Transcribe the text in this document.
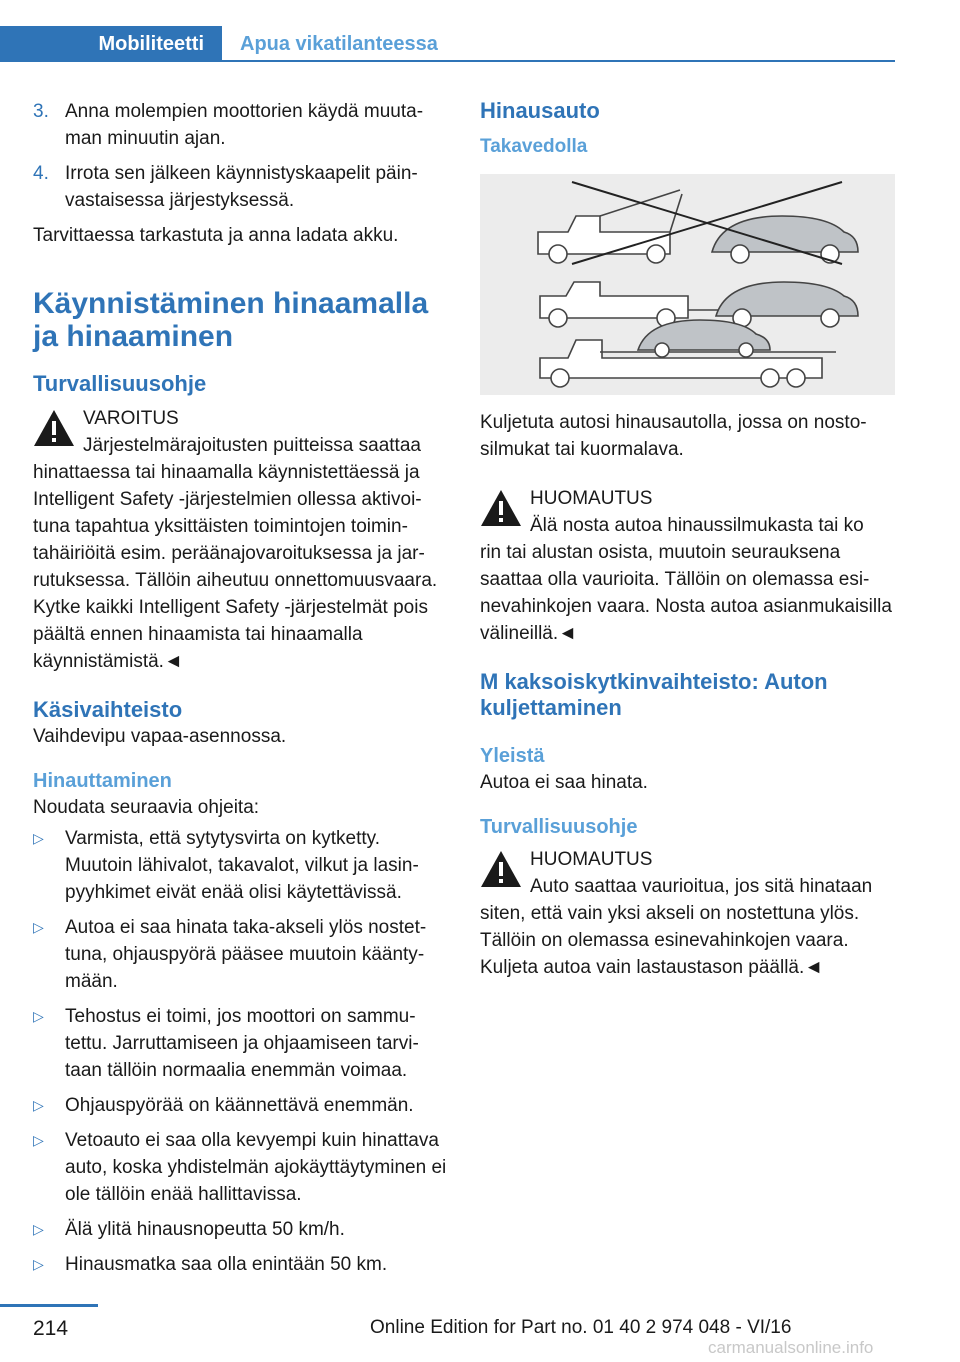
Mobiliteetti	Apua vikatilanteessa

3. Anna molempien moottorien käydä muutaman minuutin ajan.

4. Irrota sen jälkeen käynnistyskaapelit päinvastaisessa järjestyksessä.

Tarvittaessa tarkastuta ja anna ladata akku.

Käynnistäminen hinaamalla ja hinaaminen

Turvallisuusohje

VAROITUS

Järjestelmärajoitusten puitteissa saattaa

hinattaessa tai hinaamalla käynnistettäessä ja Intelligent Safety ‑järjestelmien ollessa aktivoituna tapahtua yksittäisten toimintojen toimintahäiriöitä esim. peräänajovaroituksessa ja jarrutuksessa. Tällöin aiheutuu onnettomuusvaara. Kytke kaikki Intelligent Safety ‑järjestelmät pois päältä ennen hinaamista tai hinaamalla käynnistämistä.◄

Käsivaihteisto

Vaihdevipu vapaa-asennossa.

Hinauttaminen

Noudata seuraavia ohjeita:

▷ Varmista, että sytytysvirta on kytketty. Muutoin lähivalot, takavalot, vilkut ja lasinpyyhkimet eivät enää olisi käytettävissä.

▷ Autoa ei saa hinata taka-akseli ylös nostettuna, ohjauspyörä pääsee muutoin kääntymään.

▷ Tehostus ei toimi, jos moottori on sammutettu. Jarruttamiseen ja ohjaamiseen tarvitaan tällöin normaalia enemmän voimaa.

▷ Ohjauspyörää on käännettävä enemmän.

▷ Vetoauto ei saa olla kevyempi kuin hinattava auto, koska yhdistelmän ajokäyttäytyminen ei ole tällöin enää hallittavissa.

▷ Älä ylitä hinausnopeutta 50 km/h.

▷ Hinausmatka saa olla enintään 50 km.

Hinausauto

Takavedolla

Kuljetuta autosi hinausautolla, jossa on nostosilmukat tai kuormalava.

HUOMAUTUS

Älä nosta autoa hinaussilmukasta tai ko

rin tai alustan osista, muutoin seurauksena saattaa olla vaurioita. Tällöin on olemassa esinevahinkojen vaara. Nosta autoa asianmukaisilla välineillä.◄

M kaksoiskytkinvaihteisto: Auton kuljettaminen

Yleistä

Autoa ei saa hinata.

Turvallisuusohje

HUOMAUTUS

Auto saattaa vaurioitua, jos sitä hinataan

siten, että vain yksi akseli on nostettuna ylös. Tällöin on olemassa esinevahinkojen vaara. Kuljeta autoa vain lastaustason päällä.◄

214	Online Edition for Part no. 01 40 2 974 048 - VI/16
carmanualsonline.info
